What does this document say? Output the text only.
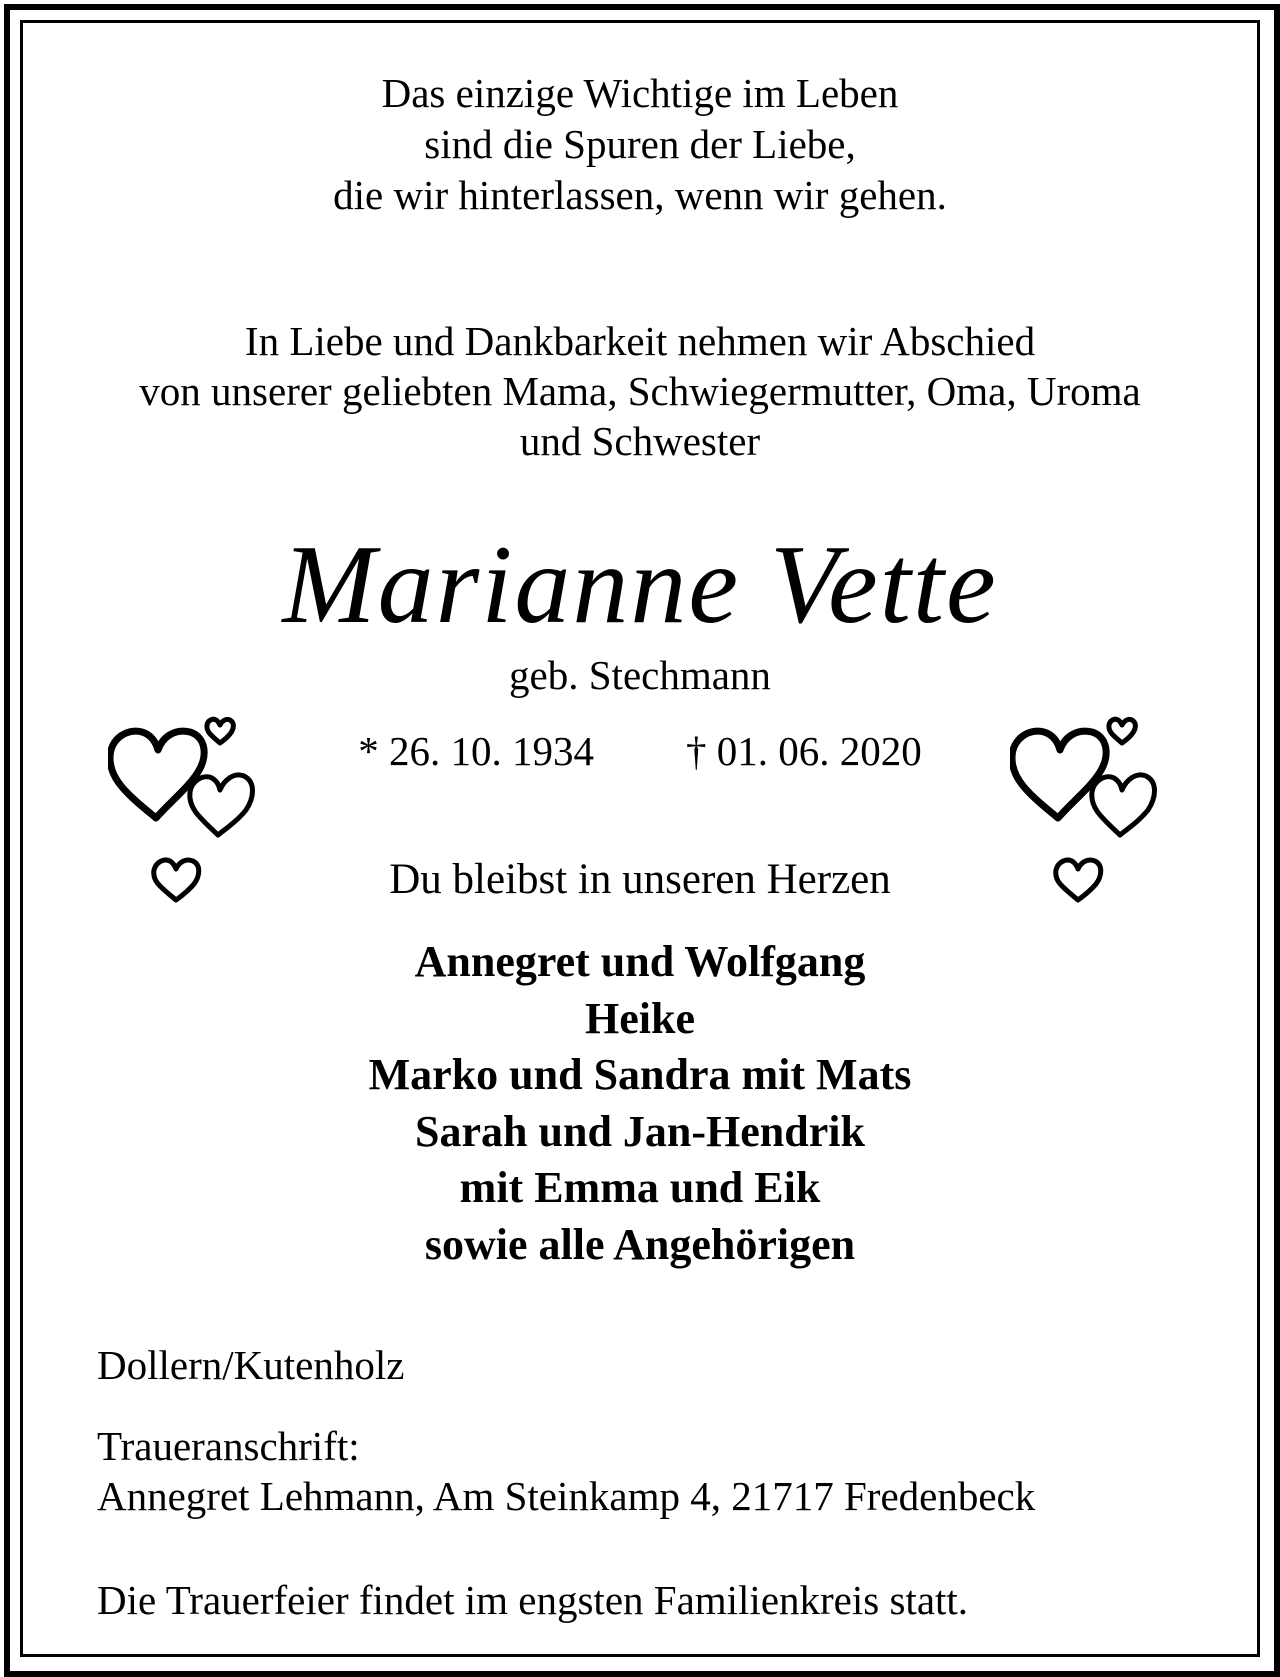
Das einzige Wichtige im Leben
sind die Spuren der Liebe,
die wir hinterlassen, wenn wir gehen.
In Liebe und Dankbarkeit nehmen wir Abschied
von unserer geliebten Mama, Schwiegermutter, Oma, Uroma
und Schwester
Marianne Vette
geb. Stechmann
* 26. 10. 1934 † 01. 06. 2020
Du bleibst in unseren Herzen
Annegret und Wolfgang
Heike
Marko und Sandra mit Mats
Sarah und Jan-Hendrik
mit Emma und Eik
sowie alle Angehörigen
Dollern/Kutenholz
Traueranschrift:
Annegret Lehmann, Am Steinkamp 4, 21717 Fredenbeck
Die Trauerfeier findet im engsten Familienkreis statt.
